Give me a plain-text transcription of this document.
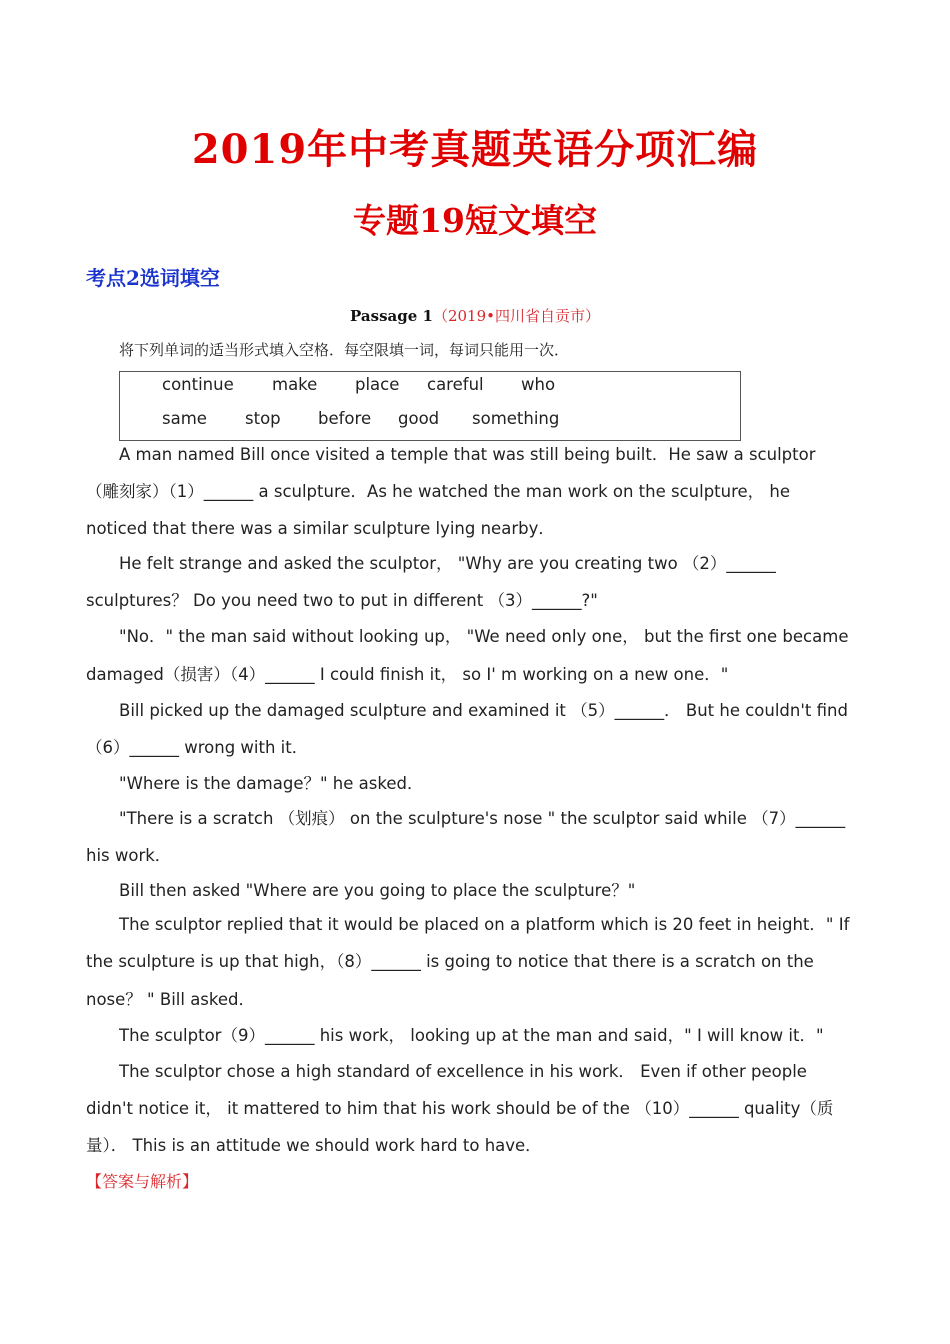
2019年中考真题英语分项汇编
专题19短文填空
考点2选词填空
Passage 1（2019•四川省自贡市）
将下列单词的适当形式填入空格．每空限填一词，每词只能用一次．
continue make place careful who
same stop before good something
A man named Bill once visited a temple that was still being built．He saw a sculptor
（雕刻家）（1）______ a sculpture．As he watched the man work on the sculpture， he
noticed that there was a similar sculpture lying nearby．
He felt strange and asked the sculptor， "Why are you creating two （2）______
sculptures？ Do you need two to put in different （3）______?"
"No．" the man said without looking up， "We need only one， but the first one became
damaged（损害）（4）______ I could finish it， so I' m working on a new one．"
Bill picked up the damaged sculpture and examined it （5）______． But he couldn't find
（6）______ wrong with it．
"Where is the damage？" he asked．
"There is a scratch （划痕） on the sculpture's nose " the sculptor said while （7）______
his work．
Bill then asked "Where are you going to place the sculpture？"
The sculptor replied that it would be placed on a platform which is 20 feet in height．" If
the sculpture is up that high，（8）______ is going to notice that there is a scratch on the
nose？ " Bill asked．
The sculptor（9）______ his work， looking up at the man and said，" I will know it．"
The sculptor chose a high standard of excellence in his work． Even if other people
didn't notice it， it mattered to him that his work should be of the （10）______ quality（质
量）． This is an attitude we should work hard to have．
【答案与解析】
